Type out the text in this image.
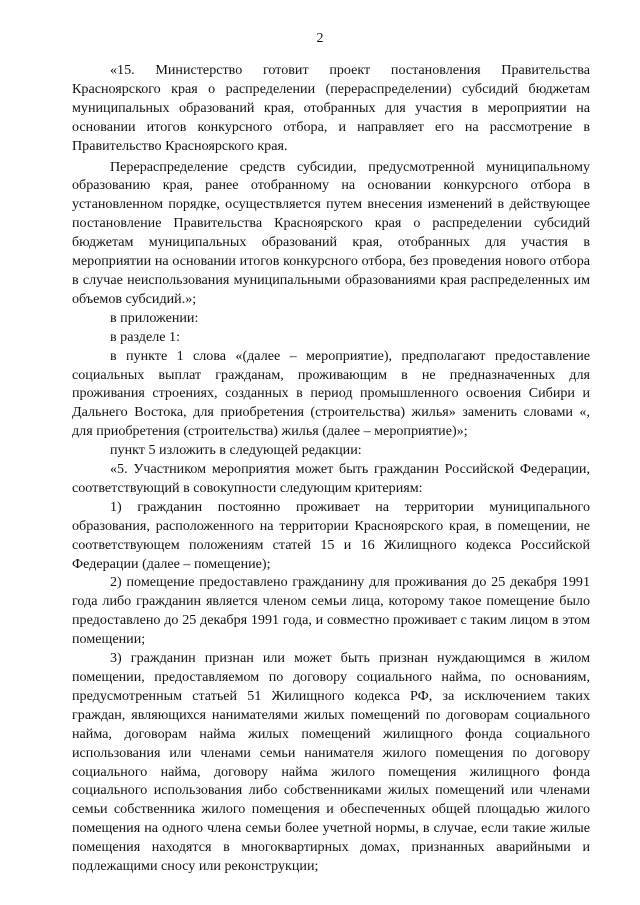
2

«15. Министерство готовит проект постановления Правительства Красноярского края о распределении (перераспределении) субсидий бюджетам муниципальных образований края, отобранных для участия в мероприятии на основании итогов конкурсного отбора, и направляет его на рассмотрение в Правительство Красноярского края.

Перераспределение средств субсидии, предусмотренной муниципальному образованию края, ранее отобранному на основании конкурсного отбора в установленном порядке, осуществляется путем внесения изменений в действующее постановление Правительства Красноярского края о распределении субсидий бюджетам муниципальных образований края, отобранных для участия в мероприятии на основании итогов конкурсного отбора, без проведения нового отбора в случае неиспользования муниципальными образованиями края распределенных им объемов субсидий.»;

в приложении:

в разделе 1:

в пункте 1 слова «(далее – мероприятие), предполагают предоставление социальных выплат гражданам, проживающим в не предназначенных для проживания строениях, созданных в период промышленного освоения Сибири и Дальнего Востока, для приобретения (строительства) жилья» заменить словами «, для приобретения (строительства) жилья (далее – мероприятие)»;

пункт 5 изложить в следующей редакции:

«5. Участником мероприятия может быть гражданин Российской Федерации, соответствующий в совокупности следующим критериям:

1) гражданин постоянно проживает на территории муниципального образования, расположенного на территории Красноярского края, в помещении, не соответствующем положениям статей 15 и 16 Жилищного кодекса Российской Федерации (далее – помещение);

2) помещение предоставлено гражданину для проживания до 25 декабря 1991 года либо гражданин является членом семьи лица, которому такое помещение было предоставлено до 25 декабря 1991 года, и совместно проживает с таким лицом в этом помещении;

3) гражданин признан или может быть признан нуждающимся в жилом помещении, предоставляемом по договору социального найма, по основаниям, предусмотренным статьей 51 Жилищного кодекса РФ, за исключением таких граждан, являющихся нанимателями жилых помещений по договорам социального найма, договорам найма жилых помещений жилищного фонда социального использования или членами семьи нанимателя жилого помещения по договору социального найма, договору найма жилого помещения жилищного фонда социального использования либо собственниками жилых помещений или членами семьи собственника жилого помещения и обеспеченных общей площадью жилого помещения на одного члена семьи более учетной нормы, в случае, если такие жилые помещения находятся в многоквартирных домах, признанных аварийными и подлежащими сносу или реконструкции;
